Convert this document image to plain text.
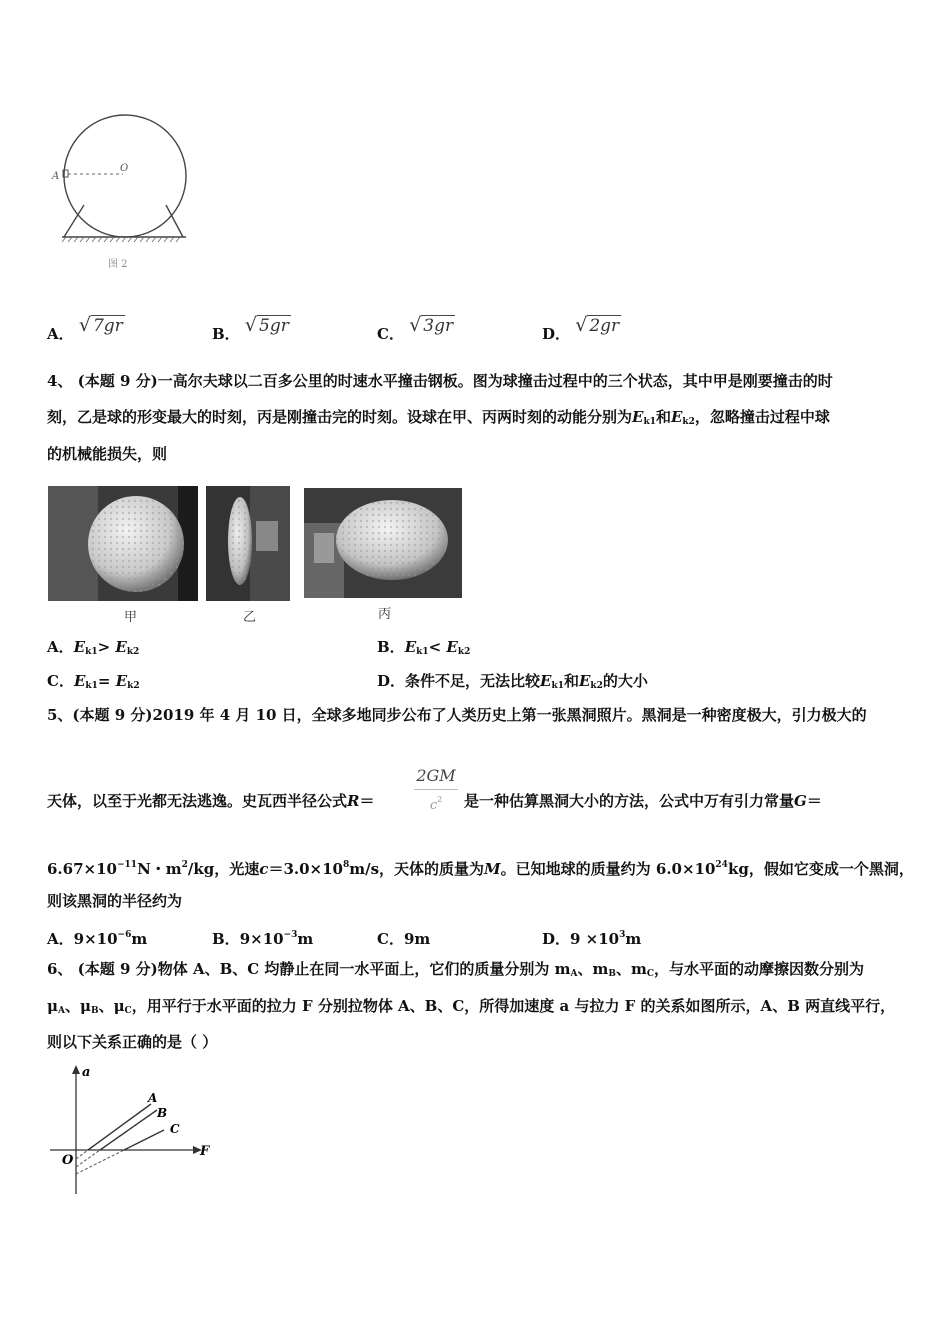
A
O
图 2
A． √ 7gr	B． √ 5gr	C． √ 3gr	D． √ 2gr
4、 (本题 9 分)一高尔夫球以二百多公里的时速水平撞击钢板。图为球撞击过程中的三个状态，其中甲是刚要撞击的时
刻，乙是球的形变最大的时刻，丙是刚撞击完的时刻。设球在甲、丙两时刻的动能分别为$E_{k1}$和$E_{k2}$，忽略撞击过程中球
的机械能损失，则
甲	乙	丙
A．$E_{k1}> E_{k2}$	B．$E_{k1}< E_{k2}$
C．$E_{k1}= E_{k2}$	D．条件不足，无法比较$E_{k1}$和$E_{k2}$的大小
5、(本题 9 分)2019 年 4 月 10 日，全球多地同步公布了人类历史上第一张黑洞照片。黑洞是一种密度极大，引力极大的
天体，以至于光都无法逃逸。史瓦西半径公式R＝
2GM
$c^2$	是一种估算黑洞大小的方法，公式中万有引力常量G＝
$6.67\times 10^{-11}N$・$m^2/kg$，光速$c=3.0\times 10^8m/s$，天体的质量为M。已知地球的质量约为 $6.0\times 10^{24}kg$，假如它变成一个黑洞，
则该黑洞的半径约为
A．$9\times 10^{-6}m$	B．$9\times 10^{-3}m$	C．9m	D．$9 \times 10^3m$
6、 (本题 9 分)物体 A、B、C 均静止在同一水平面上，它们的质量分别为 $m_A$、$m_B$、$m_C$，与水平面的动摩擦因数分别为
$\mu_A$、$\mu_B$、$\mu_C$，用平行于水平面的拉力 F 分别拉物体 A、B、C，所得加速度 a 与拉力 F 的关系如图所示，A、B 两直线平行，
则以下关系正确的是（ ）
a
F
O
A
B
C
